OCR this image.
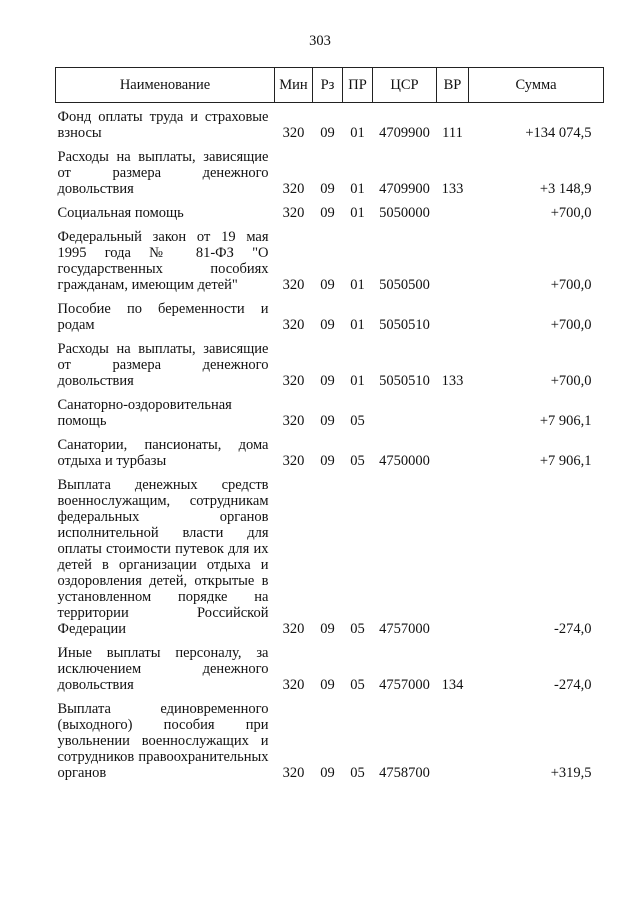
303
Наименование	Мин	Рз	ПР	ЦСР	ВР	Сумма
Фонд оплаты труда и страховые взносы	320	09	01	4709900	111	+134 074,5
Расходы на выплаты, зависящие от размера денежного довольствия	320	09	01	4709900	133	+3 148,9
Социальная помощь	320	09	01	5050000		+700,0
Федеральный закон от 19 мая 1995 года № 81-ФЗ "О государственных пособиях гражданам, имеющим детей"	320	09	01	5050500		+700,0
Пособие по беременности и родам	320	09	01	5050510		+700,0
Расходы на выплаты, зависящие от размера денежного довольствия	320	09	01	5050510	133	+700,0
Санаторно-оздоровительная помощь	320	09	05			+7 906,1
Санатории, пансионаты, дома отдыха и турбазы	320	09	05	4750000		+7 906,1
Выплата денежных средств военнослужащим, сотрудникам федеральных органов исполнительной власти для оплаты стоимости путевок для их детей в организации отдыха и оздоровления детей, открытые в установленном порядке на территории Российской Федерации	320	09	05	4757000		-274,0
Иные выплаты персоналу, за исключением денежного довольствия	320	09	05	4757000	134	-274,0
Выплата единовременного (выходного) пособия при увольнении военнослужащих и сотрудников правоохранительных органов	320	09	05	4758700		+319,5
